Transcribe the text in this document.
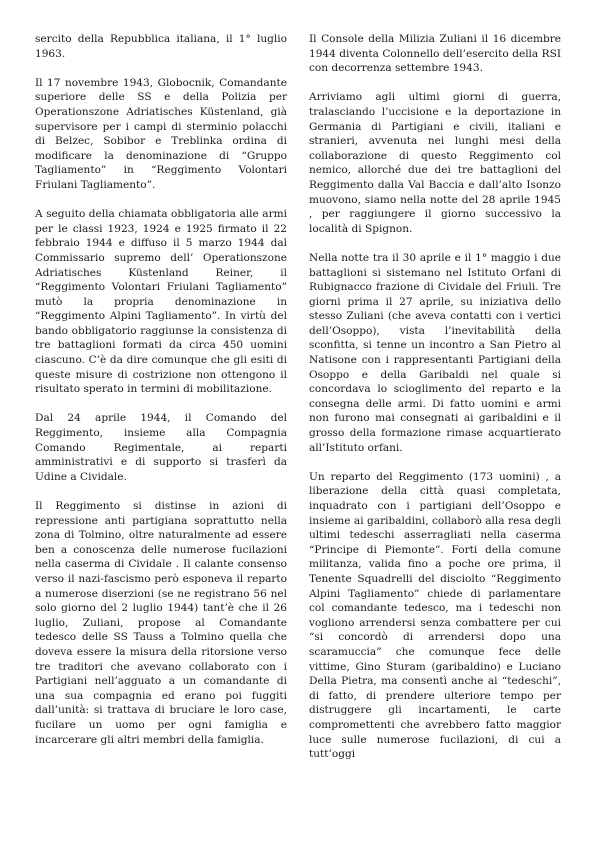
sercito della Repubblica italiana, il 1° luglio 1963.

Il 17 novembre 1943, Globocnik, Comandante superiore delle SS e della Polizia per Operationszone Adriatisches Küstenland, già supervisore per i campi di sterminio polacchi di Belzec, Sobibor e Treblinka ordina di modificare la denominazione di “Gruppo Tagliamento” in “Reggimento Volontari Friulani Tagliamento”.

A seguito della chiamata obbligatoria alle armi per le classi 1923, 1924 e 1925 firmato il 22 febbraio 1944 e diffuso il 5 marzo 1944 dal Commissario supremo dell’ Operationszone Adriatisches Küstenland Reiner, il “Reggimento Volontari Friulani Tagliamento” mutò la propria denominazione in “Reggimento Alpini Tagliamento”. In virtù del bando obbligatorio raggiunse la consistenza di tre battaglioni formati da circa 450 uomini ciascuno. C’è da dire comunque che gli esiti di queste misure di costrizione non ottengono il risultato sperato in termini di mobilitazione.

Dal 24 aprile 1944, il Comando del Reggimento, insieme alla Compagnia Comando Regimentale, ai reparti amministrativi e di supporto si trasferì da Udine a Cividale.

Il Reggimento si distinse in azioni di repressione anti partigiana soprattutto nella zona di Tolmino, oltre naturalmente ad essere ben a conoscenza delle numerose fucilazioni nella caserma di Cividale . Il calante consenso verso il nazi-fascismo però esponeva il reparto a numerose diserzioni (se ne registrano 56 nel solo giorno del 2 luglio 1944) tant’è che il 26 luglio, Zuliani, propose al Comandante tedesco delle SS Tauss a Tolmino quella che doveva essere la misura della ritorsione verso tre traditori che avevano collaborato con i Partigiani nell’agguato a un comandante di una sua compagnia ed erano poi fuggiti dall’unità: si trattava di bruciare le loro case, fucilare un uomo per ogni famiglia e incarcerare gli altri membri della famiglia.

Il Console della Milizia Zuliani il 16 dicembre 1944 diventa Colonnello dell’esercito della RSI con decorrenza settembre 1943.

Arriviamo agli ultimi giorni di guerra, tralasciando l’uccisione e la deportazione in Germania di Partigiani e civili, italiani e stranieri, avvenuta nei lunghi mesi della collaborazione di questo Reggimento col nemico, allorché due dei tre battaglioni del Reggimento dalla Val Baccia e dall’alto Isonzo muovono, siamo nella notte del 28 aprile 1945 , per raggiungere il giorno successivo la località di Spignon.

Nella notte tra il 30 aprile e il 1° maggio i due battaglioni si sistemano nel Istituto Orfani di Rubignacco frazione di Cividale del Friuli. Tre giorni prima il 27 aprile, su iniziativa dello stesso Zuliani (che aveva contatti con i vertici dell’Osoppo), vista l’inevitabilità della sconfitta, si tenne un incontro a San Pietro al Natisone con i rappresentanti Partigiani della Osoppo e della Garibaldi nel quale si concordava lo scioglimento del reparto e la consegna delle armi. Di fatto uomini e armi non furono mai consegnati ai garibaldini e il grosso della formazione rimase acquartierato all’Istituto orfani.

Un reparto del Reggimento (173 uomini) , a liberazione della città quasi completata, inquadrato con i partigiani dell’Osoppo e insieme ai garibaldini, collaborò alla resa degli ultimi tedeschi asserragliati nella caserma “Principe di Piemonte”. Forti della comune militanza, valida fino a poche ore prima, il Tenente Squadrelli del disciolto “Reggimento Alpini Tagliamento” chiede di parlamentare col comandante tedesco, ma i tedeschi non vogliono arrendersi senza combattere per cui “si concordò di arrendersi dopo una scaramuccia” che comunque fece delle vittime, Gino Sturam (garibaldino) e Luciano Della Pietra, ma consentì anche ai “tedeschi”, di fatto, di prendere ulteriore tempo per distruggere gli incartamenti, le carte compromettenti che avrebbero fatto maggior luce sulle numerose fucilazioni, di cui a tutt’oggi
